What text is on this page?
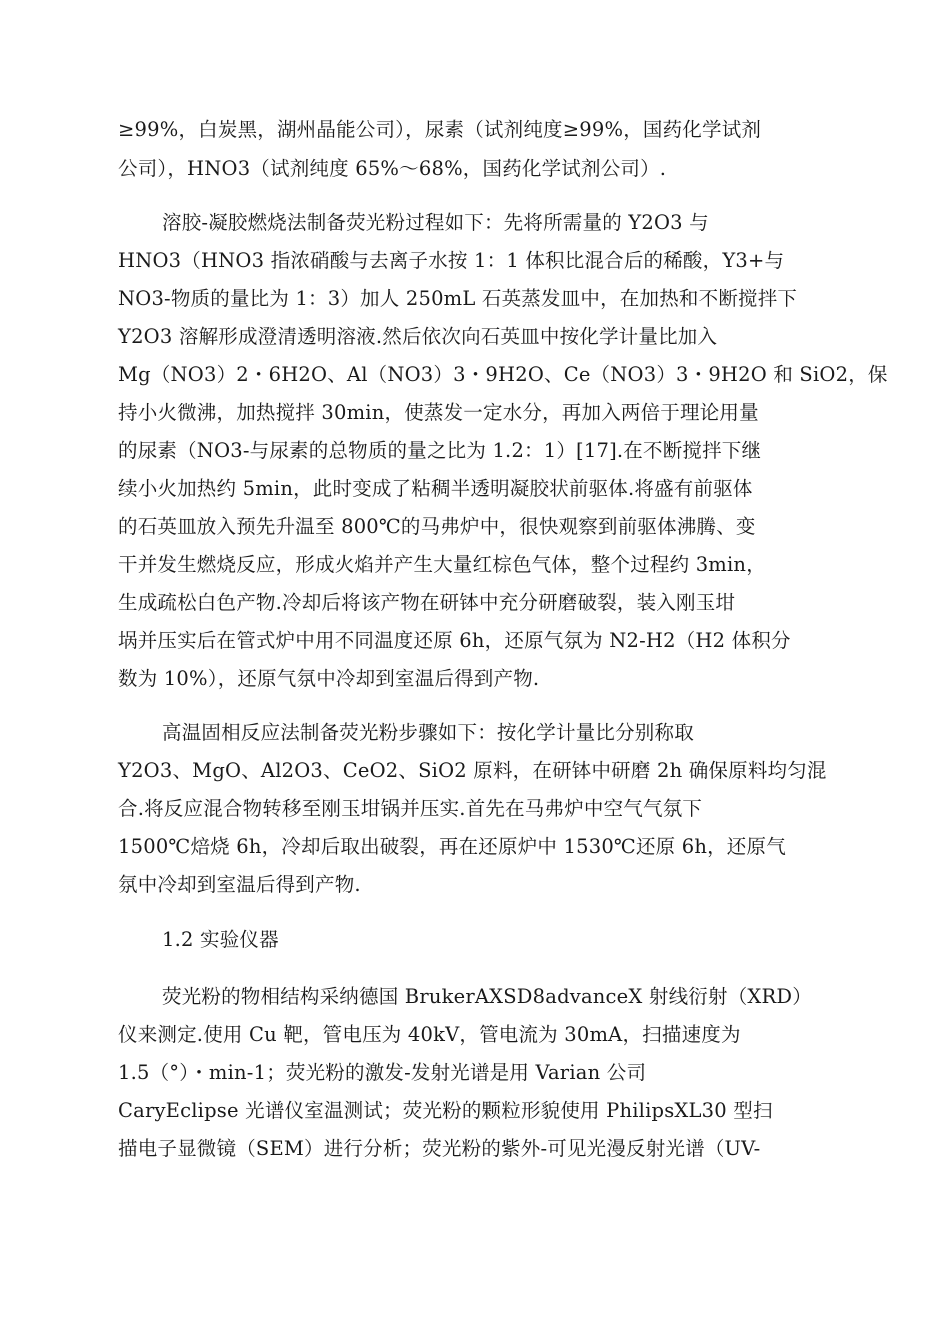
≥99%，白炭黑，湖州晶能公司），尿素（试剂纯度≥99%，国药化学试剂
公司），HNO3（试剂纯度 65%～68%，国药化学试剂公司）.
溶胶-凝胶燃烧法制备荧光粉过程如下：先将所需量的 Y2O3 与
HNO3（HNO3 指浓硝酸与去离子水按 1：1 体积比混合后的稀酸，Y3+与
NO3-物质的量比为 1：3）加人 250mL 石英蒸发皿中，在加热和不断搅拌下
Y2O3 溶解形成澄清透明溶液.然后依次向石英皿中按化学计量比加入
Mg（NO3）2・6H2O、Al（NO3）3・9H2O、Ce（NO3）3・9H2O 和 SiO2，保
持小火微沸，加热搅拌 30min，使蒸发一定水分，再加入两倍于理论用量
的尿素（NO3-与尿素的总物质的量之比为 1.2：1）[17].在不断搅拌下继
续小火加热约 5min，此时变成了粘稠半透明凝胶状前驱体.将盛有前驱体
的石英皿放入预先升温至 800℃的马弗炉中，很快观察到前驱体沸腾、变
干并发生燃烧反应，形成火焰并产生大量红棕色气体，整个过程约 3min，
生成疏松白色产物.冷却后将该产物在研钵中充分研磨破裂，装入刚玉坩
埚并压实后在管式炉中用不同温度还原 6h，还原气氛为 N2-H2（H2 体积分
数为 10%），还原气氛中冷却到室温后得到产物.
高温固相反应法制备荧光粉步骤如下：按化学计量比分别称取
Y2O3、MgO、Al2O3、CeO2、SiO2 原料，在研钵中研磨 2h 确保原料均匀混
合.将反应混合物转移至刚玉坩锅并压实.首先在马弗炉中空气气氛下
1500℃焙烧 6h，冷却后取出破裂，再在还原炉中 1530℃还原 6h，还原气
氛中冷却到室温后得到产物.
1.2 实验仪器
荧光粉的物相结构采纳德国 BrukerAXSD8advanceX 射线衍射（XRD）
仪来测定.使用 Cu 靶，管电压为 40kV，管电流为 30mA，扫描速度为
1.5（°）・min-1；荧光粉的激发-发射光谱是用 Varian 公司
CaryEclipse 光谱仪室温测试；荧光粉的颗粒形貌使用 PhilipsXL30 型扫
描电子显微镜（SEM）进行分析；荧光粉的紫外-可见光漫反射光谱（UV-
